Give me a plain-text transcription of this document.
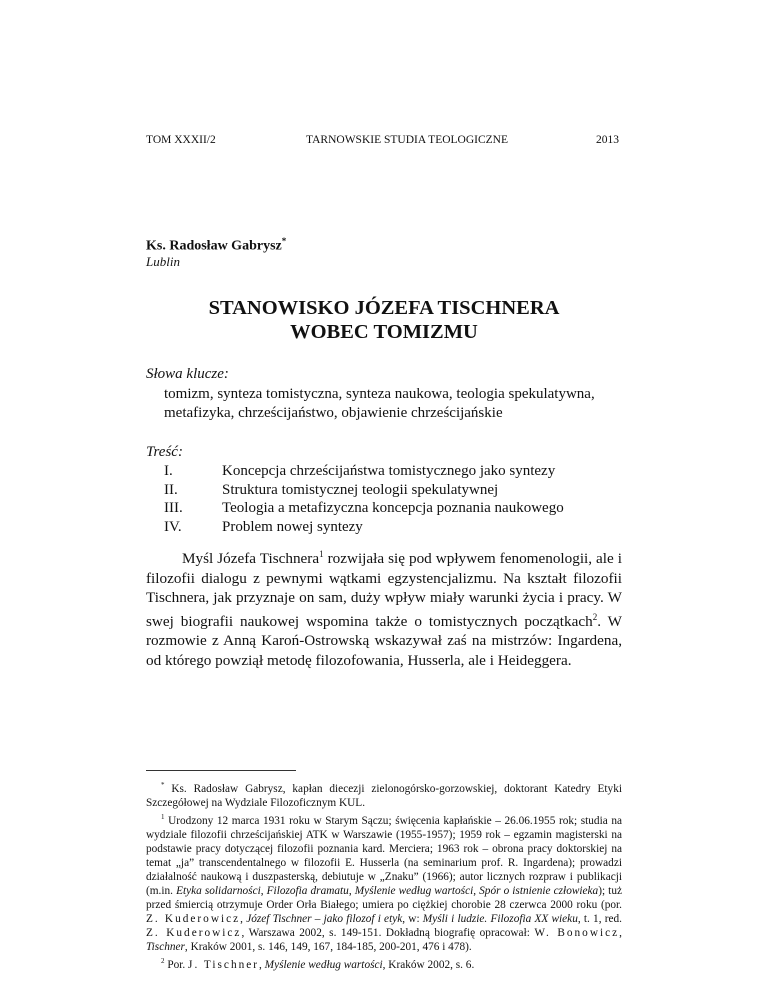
TOM XXXII/2	TARNOWSKIE STUDIA TEOLOGICZNE	2013
Ks. Radosław Gabrysz*
Lublin
STANOWISKO JÓZEFA TISCHNERA
WOBEC TOMIZMU
Słowa klucze:
tomizm, synteza tomistyczna, synteza naukowa, teologia spekulatywna, metafizyka, chrześcijaństwo, objawienie chrześcijańskie
Treść:
I.	Koncepcja chrześcijaństwa tomistycznego jako syntezy
II.	Struktura tomistycznej teologii spekulatywnej
III.	Teologia a metafizyczna koncepcja poznania naukowego
IV.	Problem nowej syntezy

Myśl Józefa Tischnera$^1$ rozwijała się pod wpływem fenomenologii, ale i filozofii dialogu z pewnymi wątkami egzystencjalizmu. Na kształt filozofii Tischnera, jak przyznaje on sam, duży wpływ miały warunki życia i pracy. W swej biografii naukowej wspomina także o tomistycznych początkach$^2$. W rozmowie z Anną Karoń-Ostrowską wskazywał zaś na mistrzów: Ingardena, od którego powziął metodę filozofowania, Husserla, ale i Heideggera.

* Ks. Radosław Gabrysz, kapłan diecezji zielonogórsko-gorzowskiej, doktorant Katedry Etyki Szczegółowej na Wydziale Filozoficznym KUL.

$^1$ Urodzony 12 marca 1931 roku w Starym Sączu; święcenia kapłańskie – 26.06.1955 rok; studia na wydziale filozofii chrześcijańskiej ATK w Warszawie (1955-1957); 1959 rok – egzamin magisterski na podstawie pracy dotyczącej filozofii poznania kard. Merciera; 1963 rok – obrona pracy doktorskiej na temat „ja” transcendentalnego w filozofii E. Husserla (na seminarium prof. R. Ingardena); prowadzi działalność naukową i duszpasterską, debiutuje w „Znaku” (1966); autor licznych rozpraw i publikacji (m.in. Etyka solidarności, Filozofia dramatu, Myślenie według wartości, Spór o istnienie człowieka); tuż przed śmiercią otrzymuje Order Orła Białego; umiera po ciężkiej chorobie 28 czerwca 2000 roku (por. Z. Kuderowicz, Józef Tischner – jako filozof i etyk, w: Myśli i ludzie. Filozofia XX wieku, t. 1, red. Z. Kuderowicz, Warszawa 2002, s. 149-151. Dokładną biografię opracował: W. Bonowicz, Tischner, Kraków 2001, s. 146, 149, 167, 184-185, 200-201, 476 i 478).

$^2$ Por. J. Tischner, Myślenie według wartości, Kraków 2002, s. 6.
